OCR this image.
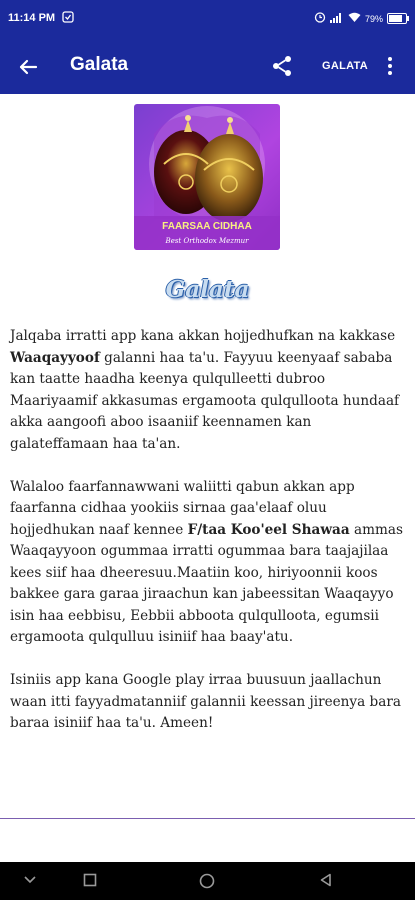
11:14 PM	79%
Galata	GALATA
FAARSAA CIDHAA
Best Orthodox Mezmur
Galata

Jalqaba irratti app kana akkan hojjedhufkan na kakkase Waaqayyoof galanni haa ta'u. Fayyuu keenyaaf sababa kan taatte haadha keenya qulqulleetti dubroo Maariyaamif akkasumas ergamoota qulqulloota hundaaf akka aangoofi aboo isaaniif keennamen kan galateffamaan haa ta'an.

Walaloo faarfannawwani waliitti qabun akkan app faarfanna cidhaa yookiis sirnaa gaa'elaaf oluu hojjedhukan naaf kennee F/taa Koo'eel Shawaa ammas Waaqayyoon ogummaa irratti ogummaa bara taajajilaa kees siif haa dheeresuu.Maatiin koo, hiriyoonnii koos bakkee gara garaa jiraachun kan jabeessitan Waaqayyo isin haa eebbisu, Eebbii abboota qulqulloota, egumsii ergamoota qulqulluu isiniif haa baay'atu.

Isiniis app kana Google play irraa buusuun jaallachun waan itti fayyadmatanniif galannii keessan jireenya bara baraa isiniif haa ta'u. Ameen!
